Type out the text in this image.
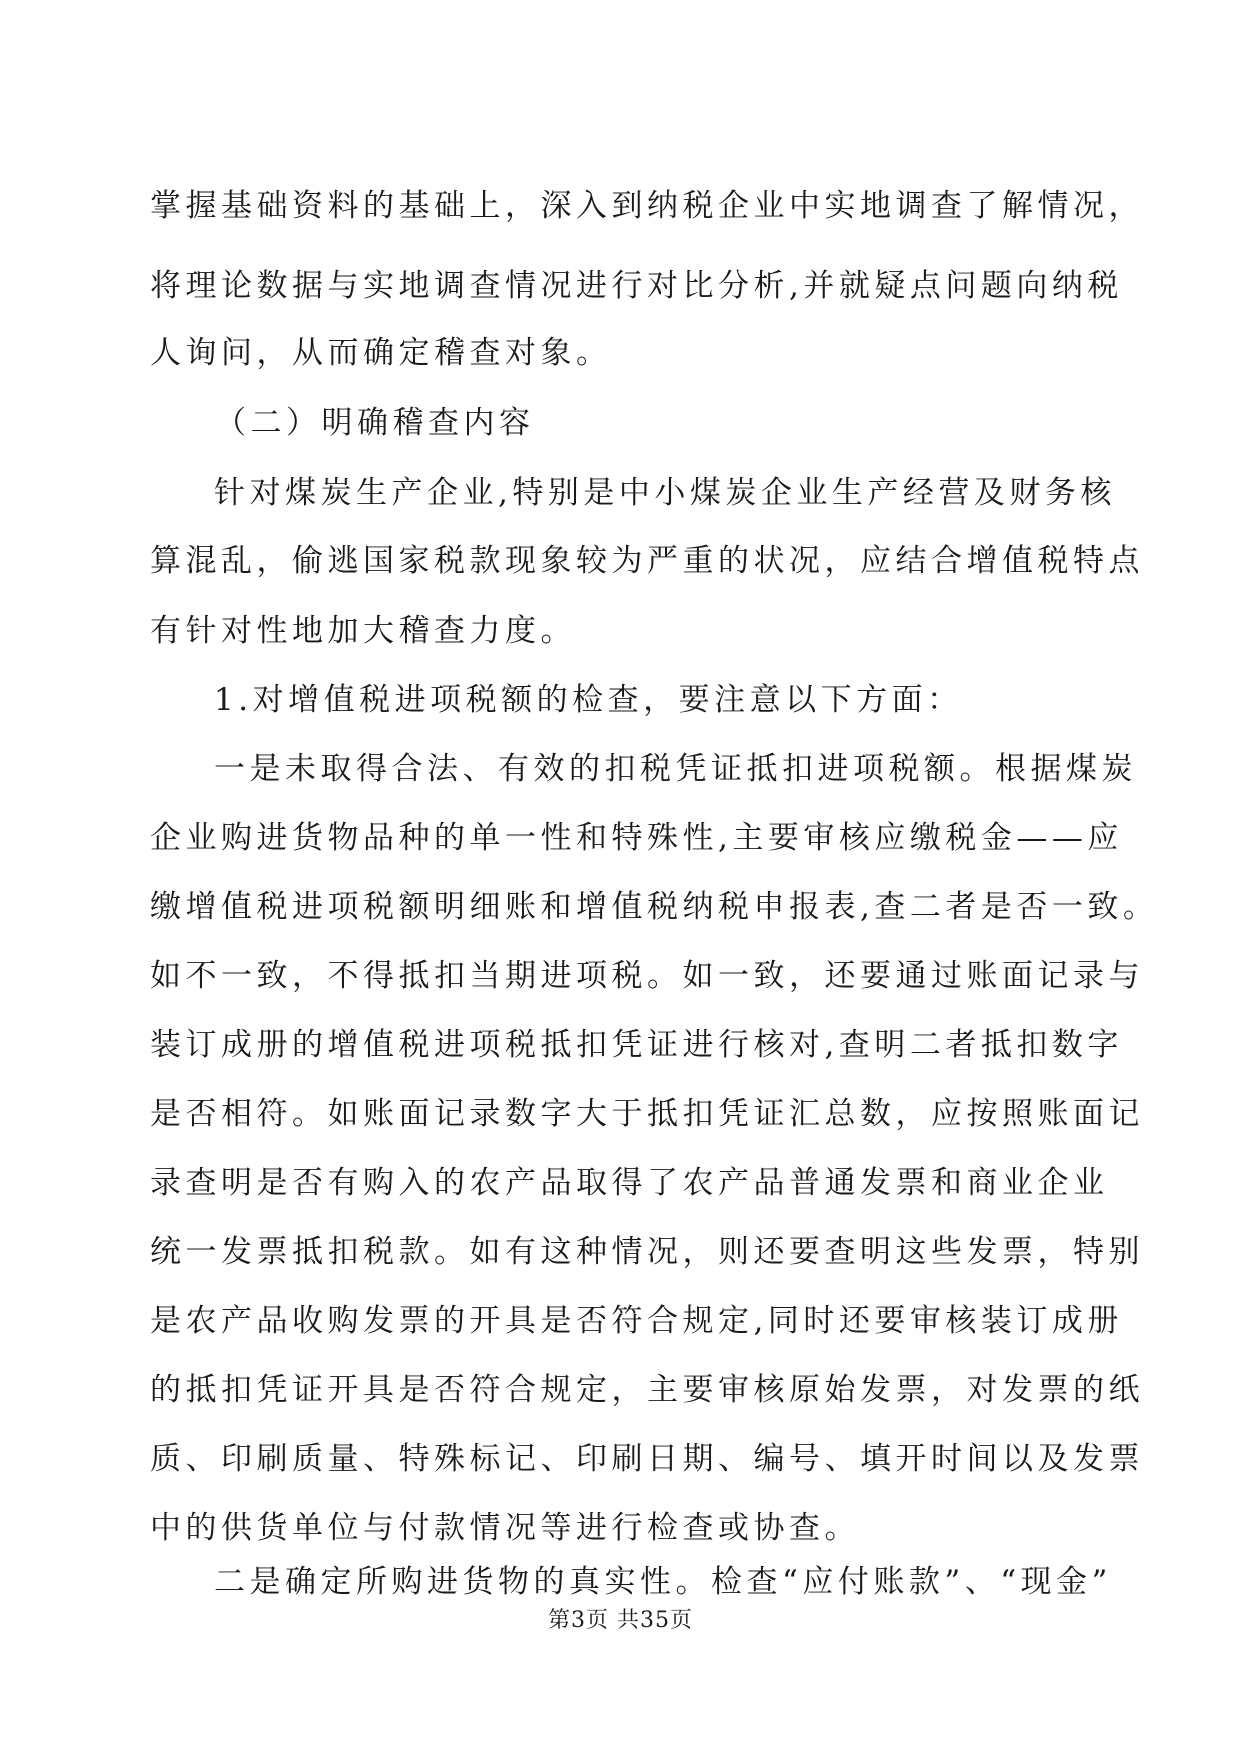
掌握基础资料的基础上，深入到纳税企业中实地调查了解情况，
将理论数据与实地调查情况进行对比分析,并就疑点问题向纳税
人询问，从而确定稽查对象。
（二）明确稽查内容
针对煤炭生产企业,特别是中小煤炭企业生产经营及财务核
算混乱，偷逃国家税款现象较为严重的状况，应结合增值税特点
有针对性地加大稽查力度。
1.对增值税进项税额的检查，要注意以下方面：
一是未取得合法、有效的扣税凭证抵扣进项税额。根据煤炭
企业购进货物品种的单一性和特殊性,主要审核应缴税金——应
缴增值税进项税额明细账和增值税纳税申报表,查二者是否一致。
如不一致，不得抵扣当期进项税。如一致，还要通过账面记录与
装订成册的增值税进项税抵扣凭证进行核对,查明二者抵扣数字
是否相符。如账面记录数字大于抵扣凭证汇总数，应按照账面记
录查明是否有购入的农产品取得了农产品普通发票和商业企业
统一发票抵扣税款。如有这种情况，则还要查明这些发票，特别
是农产品收购发票的开具是否符合规定,同时还要审核装订成册
的抵扣凭证开具是否符合规定，主要审核原始发票，对发票的纸
质、印刷质量、特殊标记、印刷日期、编号、填开时间以及发票
中的供货单位与付款情况等进行检查或协查。
二是确定所购进货物的真实性。检查“应付账款”、“现金”
第3页 共35页
